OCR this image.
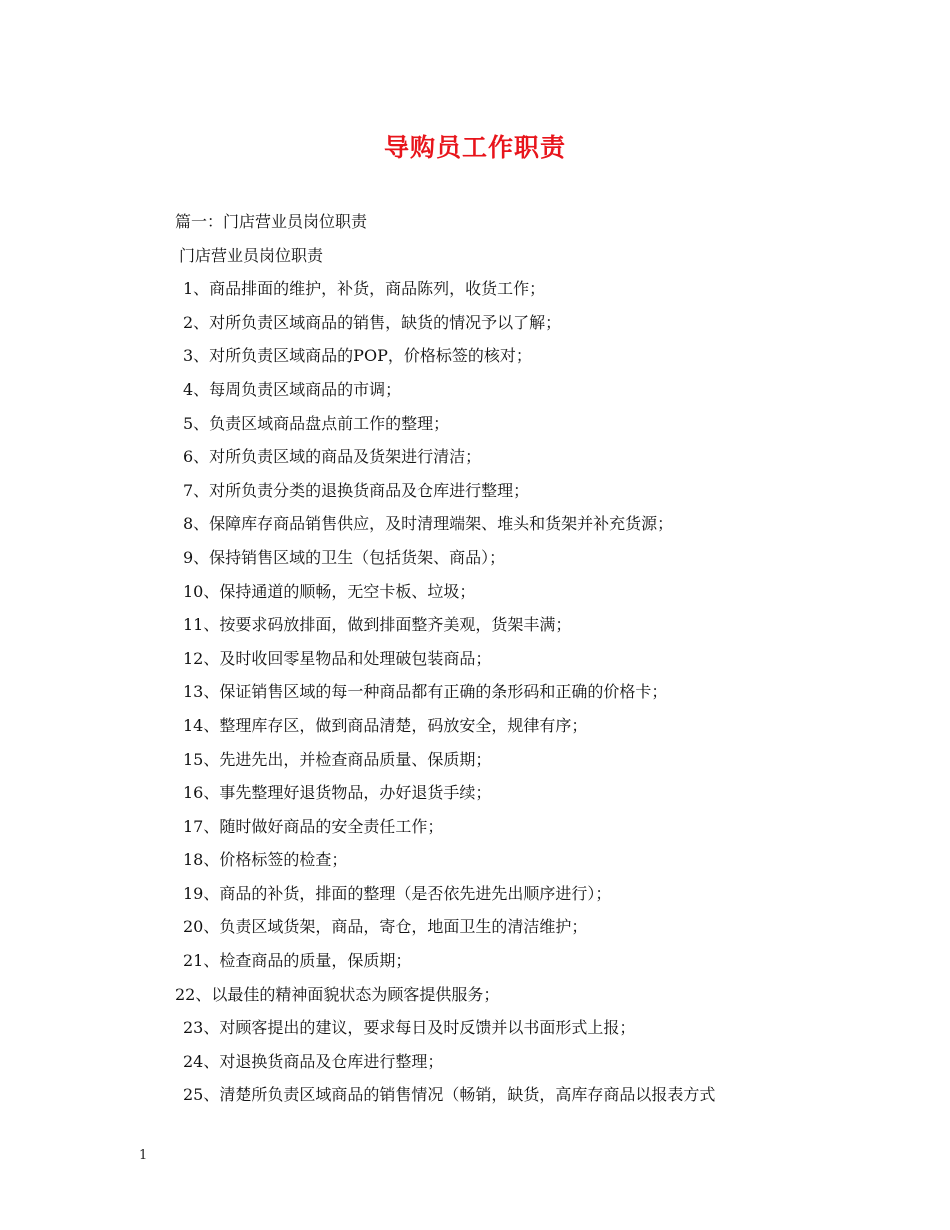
导购员工作职责
篇一：门店营业员岗位职责
门店营业员岗位职责
1、商品排面的维护，补货，商品陈列，收货工作；
2、对所负责区域商品的销售，缺货的情况予以了解；
3、对所负责区域商品的POP，价格标签的核对；
4、每周负责区域商品的市调；
5、负责区域商品盘点前工作的整理；
6、对所负责区域的商品及货架进行清洁；
7、对所负责分类的退换货商品及仓库进行整理；
8、保障库存商品销售供应，及时清理端架、堆头和货架并补充货源；
9、保持销售区域的卫生（包括货架、商品）；
10、保持通道的顺畅，无空卡板、垃圾；
11、按要求码放排面，做到排面整齐美观，货架丰满；
12、及时收回零星物品和处理破包装商品；
13、保证销售区域的每一种商品都有正确的条形码和正确的价格卡；
14、整理库存区，做到商品清楚，码放安全，规律有序；
15、先进先出，并检查商品质量、保质期；
16、事先整理好退货物品，办好退货手续；
17、随时做好商品的安全责任工作；
18、价格标签的检查；
19、商品的补货，排面的整理（是否依先进先出顺序进行）；
20、负责区域货架，商品，寄仓，地面卫生的清洁维护；
21、检查商品的质量，保质期；
22、以最佳的精神面貌状态为顾客提供服务；
23、对顾客提出的建议，要求每日及时反馈并以书面形式上报；
24、对退换货商品及仓库进行整理；
25、清楚所负责区域商品的销售情况（畅销，缺货，高库存商品以报表方式
1
